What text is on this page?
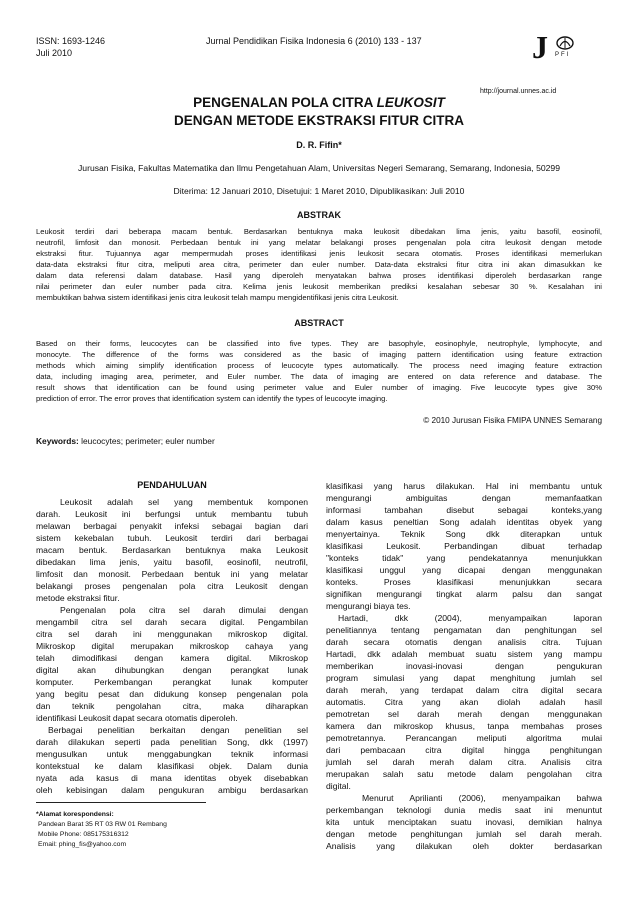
ISSN: 1693-1246
Juli 2010
Jurnal Pendidikan Fisika Indonesia 6 (2010) 133 - 137	J PFI
http://journal.unnes.ac.id
PENGENALAN POLA CITRA LEUKOSIT
DENGAN METODE EKSTRAKSI FITUR CITRA
D. R. Fifin*
Jurusan Fisika, Fakultas Matematika dan Ilmu Pengetahuan Alam, Universitas Negeri Semarang, Semarang, Indonesia, 50299
Diterima: 12 Januari 2010, Disetujui: 1 Maret 2010, Dipublikasikan: Juli 2010
ABSTRAK
Leukosit terdiri dari beberapa macam bentuk. Berdasarkan bentuknya maka leukosit dibedakan lima jenis, yaitu basofil, eosinofil,
neutrofil, limfosit dan monosit. Perbedaan bentuk ini yang melatar belakangi proses pengenalan pola citra leukosit dengan metode
ekstraksi fitur. Tujuannya agar mempermudah proses identifikasi jenis leukosit secara otomatis. Proses identifikasi memerlukan
data-data ekstraksi fitur citra, meliputi area citra, perimeter dan euler number. Data-data ekstraksi fitur citra ini akan dimasukkan ke
dalam data referensi dalam database. Hasil yang diperoleh menyatakan bahwa proses identifikasi diperoleh berdasarkan range
nilai perimeter dan euler number pada citra. Kelima jenis leukosit memberikan prediksi kesalahan sebesar 30 %. Kesalahan ini
membuktikan bahwa sistem identifikasi jenis citra leukosit telah mampu mengidentifikasi jenis citra Leukosit.
ABSTRACT
Based on their forms, leucocytes can be classified into five types. They are basophyle, eosinophyle, neutrophyle, lymphocyte, and
monocyte. The difference of the forms was considered as the basic of imaging pattern identification using feature extraction
methods which aiming simplify identification process of leucocyte types automatically. The process need imaging feature extraction
data, including imaging area, perimeter, and Euler number. The data of imaging are entered on data reference and database. The
result shows that identification can be found using perimeter value and Euler number of imaging. Five leucocyte types give 30%
prediction of error. The error proves that identification system can identify the types of leucocyte imaging.
© 2010 Jurusan Fisika FMIPA UNNES Semarang
Keywords: leucocytes; perimeter; euler number
PENDAHULUAN
Leukosit adalah sel yang membentuk komponen
darah. Leukosit ini berfungsi untuk membantu tubuh
melawan berbagai penyakit infeksi sebagai bagian dari
sistem kekebalan tubuh. Leukosit terdiri dari berbagai
macam bentuk. Berdasarkan bentuknya maka Leukosit
dibedakan lima jenis, yaitu basofil, eosinofil, neutrofil,
limfosit dan monosit. Perbedaan bentuk ini yang melatar
belakangi proses pengenalan pola citra Leukosit dengan
metode ekstraksi fitur.
Pengenalan pola citra sel darah dimulai dengan
mengambil citra sel darah secara digital. Pengambilan
citra sel darah ini menggunakan mikroskop digital.
Mikroskop digital merupakan mikroskop cahaya yang
telah dimodifikasi dengan kamera digital. Mikroskop
digital akan dihubungkan dengan perangkat lunak
komputer. Perkembangan perangkat lunak komputer
yang begitu pesat dan didukung konsep pengenalan pola
dan teknik pengolahan citra, maka diharapkan
identifikasi Leukosit dapat secara otomatis diperoleh.
Berbagai penelitian berkaitan dengan penelitian sel
darah dilakukan seperti pada penelitian Song, dkk (1997)
mengusulkan untuk menggabungkan teknik informasi
kontekstual ke dalam klasifikasi objek. Dalam dunia
nyata ada kasus di mana identitas obyek disebabkan
oleh kebisingan dalam pengukuran ambigu berdasarkan
*Alamat korespondensi:
Pandean Barat 35 RT 03 RW 01 Rembang
Mobile Phone: 085175316312
Email: phing_fis@yahoo.com
klasifikasi yang harus dilakukan. Hal ini membantu untuk
mengurangi ambiguitas dengan memanfaatkan
informasi tambahan disebut sebagai konteks,yang
dalam kasus peneltian Song adalah identitas obyek yang
menyertainya. Teknik Song dkk diterapkan untuk
klasifikasi Leukosit. Perbandingan dibuat terhadap
"konteks tidak" yang pendekatannya menunjukkan
klasifikasi unggul yang dicapai dengan menggunakan
konteks. Proses klasifikasi menunjukkan secara
signifikan mengurangi tingkat alarm palsu dan sangat
mengurangi biaya tes.
Hartadi, dkk (2004), menyampaikan laporan
penelitiannya tentang pengamatan dan penghitungan sel
darah secara otomatis dengan analisis citra. Tujuan
Hartadi, dkk adalah membuat suatu sistem yang mampu
memberikan inovasi-inovasi dengan pengukuran
program simulasi yang dapat menghitung jumlah sel
darah merah, yang terdapat dalam citra digital secara
automatis. Citra yang akan diolah adalah hasil
pemotretan sel darah merah dengan menggunakan
kamera dan mikroskop khusus, tanpa membahas proses
pemotretannya. Perancangan meliputi algoritma mulai
dari pembacaan citra digital hingga penghitungan
jumlah sel darah merah dalam citra. Analisis citra
merupakan salah satu metode dalam pengolahan citra
digital.
Menurut Aprilianti (2006), menyampaikan bahwa
perkembangan teknologi dunia medis saat ini menuntut
kita untuk menciptakan suatu inovasi, demikian halnya
dengan metode penghitungan jumlah sel darah merah.
Analisis yang dilakukan oleh dokter berdasarkan
